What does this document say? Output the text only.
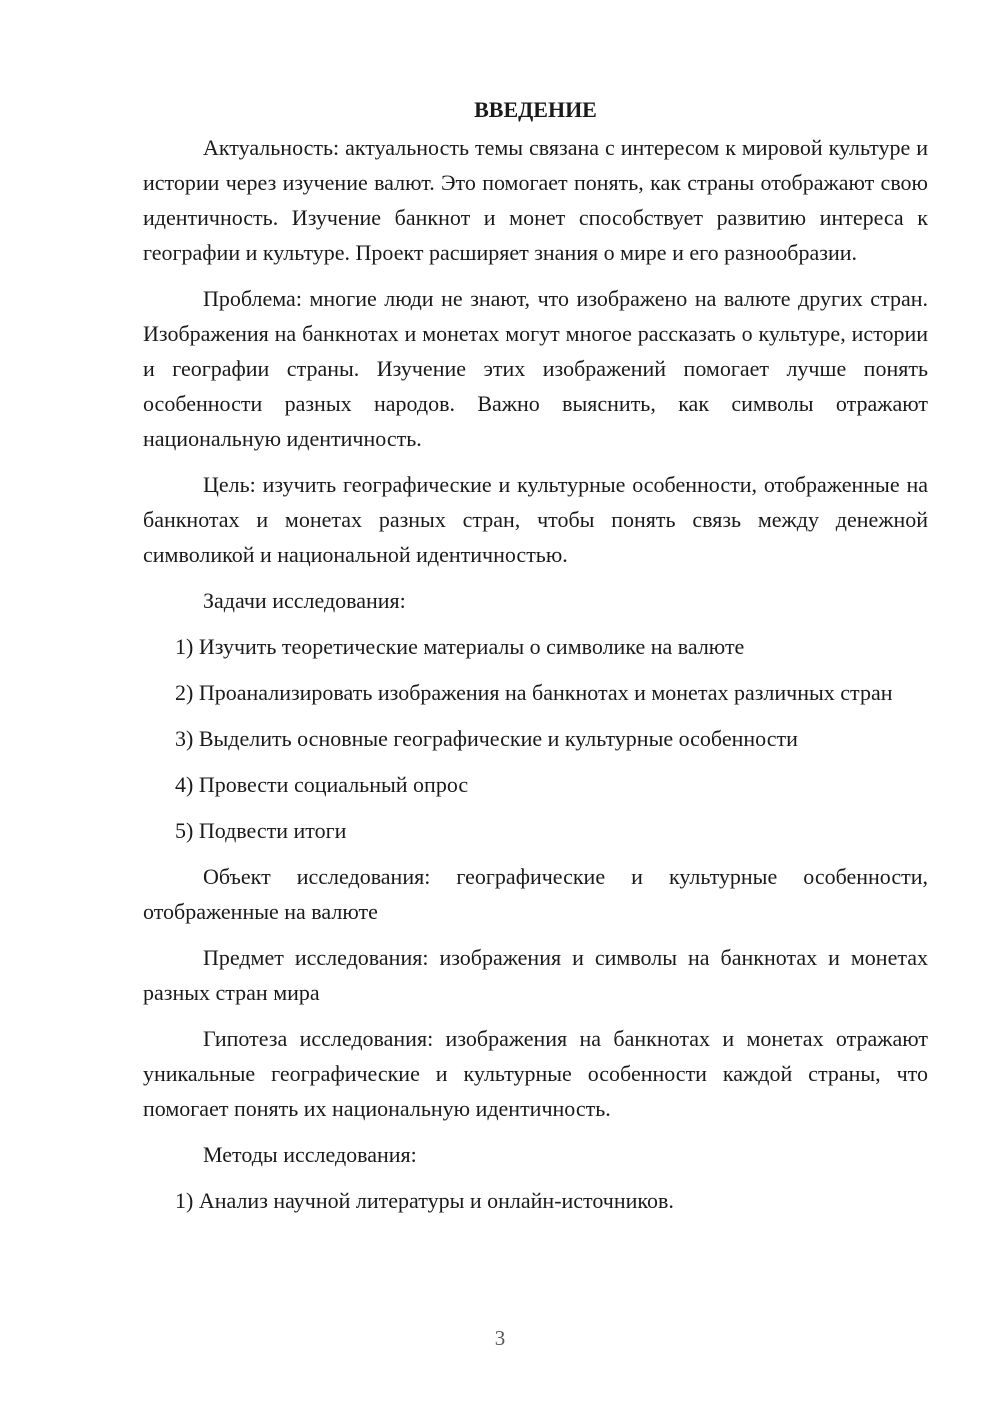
ВВЕДЕНИЕ

Актуальность: актуальность темы связана с интересом к мировой культуре и истории через изучение валют. Это помогает понять, как страны отображают свою идентичность. Изучение банкнот и монет способствует развитию интереса к географии и культуре. Проект расширяет знания о мире и его разнообразии.

Проблема: многие люди не знают, что изображено на валюте других стран. Изображения на банкнотах и монетах могут многое рассказать о культуре, истории и географии страны. Изучение этих изображений помогает лучше понять особенности разных народов. Важно выяснить, как символы отражают национальную идентичность.

Цель: изучить географические и культурные особенности, отображенные на банкнотах и монетах разных стран, чтобы понять связь между денежной символикой и национальной идентичностью.

Задачи исследования:

1) Изучить теоретические материалы о символике на валюте

2) Проанализировать изображения на банкнотах и монетах различных стран

3) Выделить основные географические и культурные особенности

4) Провести социальный опрос

5) Подвести итоги

Объект исследования: географические и культурные особенности, отображенные на валюте

Предмет исследования: изображения и символы на банкнотах и монетах разных стран мира

Гипотеза исследования: изображения на банкнотах и монетах отражают уникальные географические и культурные особенности каждой страны, что помогает понять их национальную идентичность.

Методы исследования:

1) Анализ научной литературы и онлайн-источников.

3
